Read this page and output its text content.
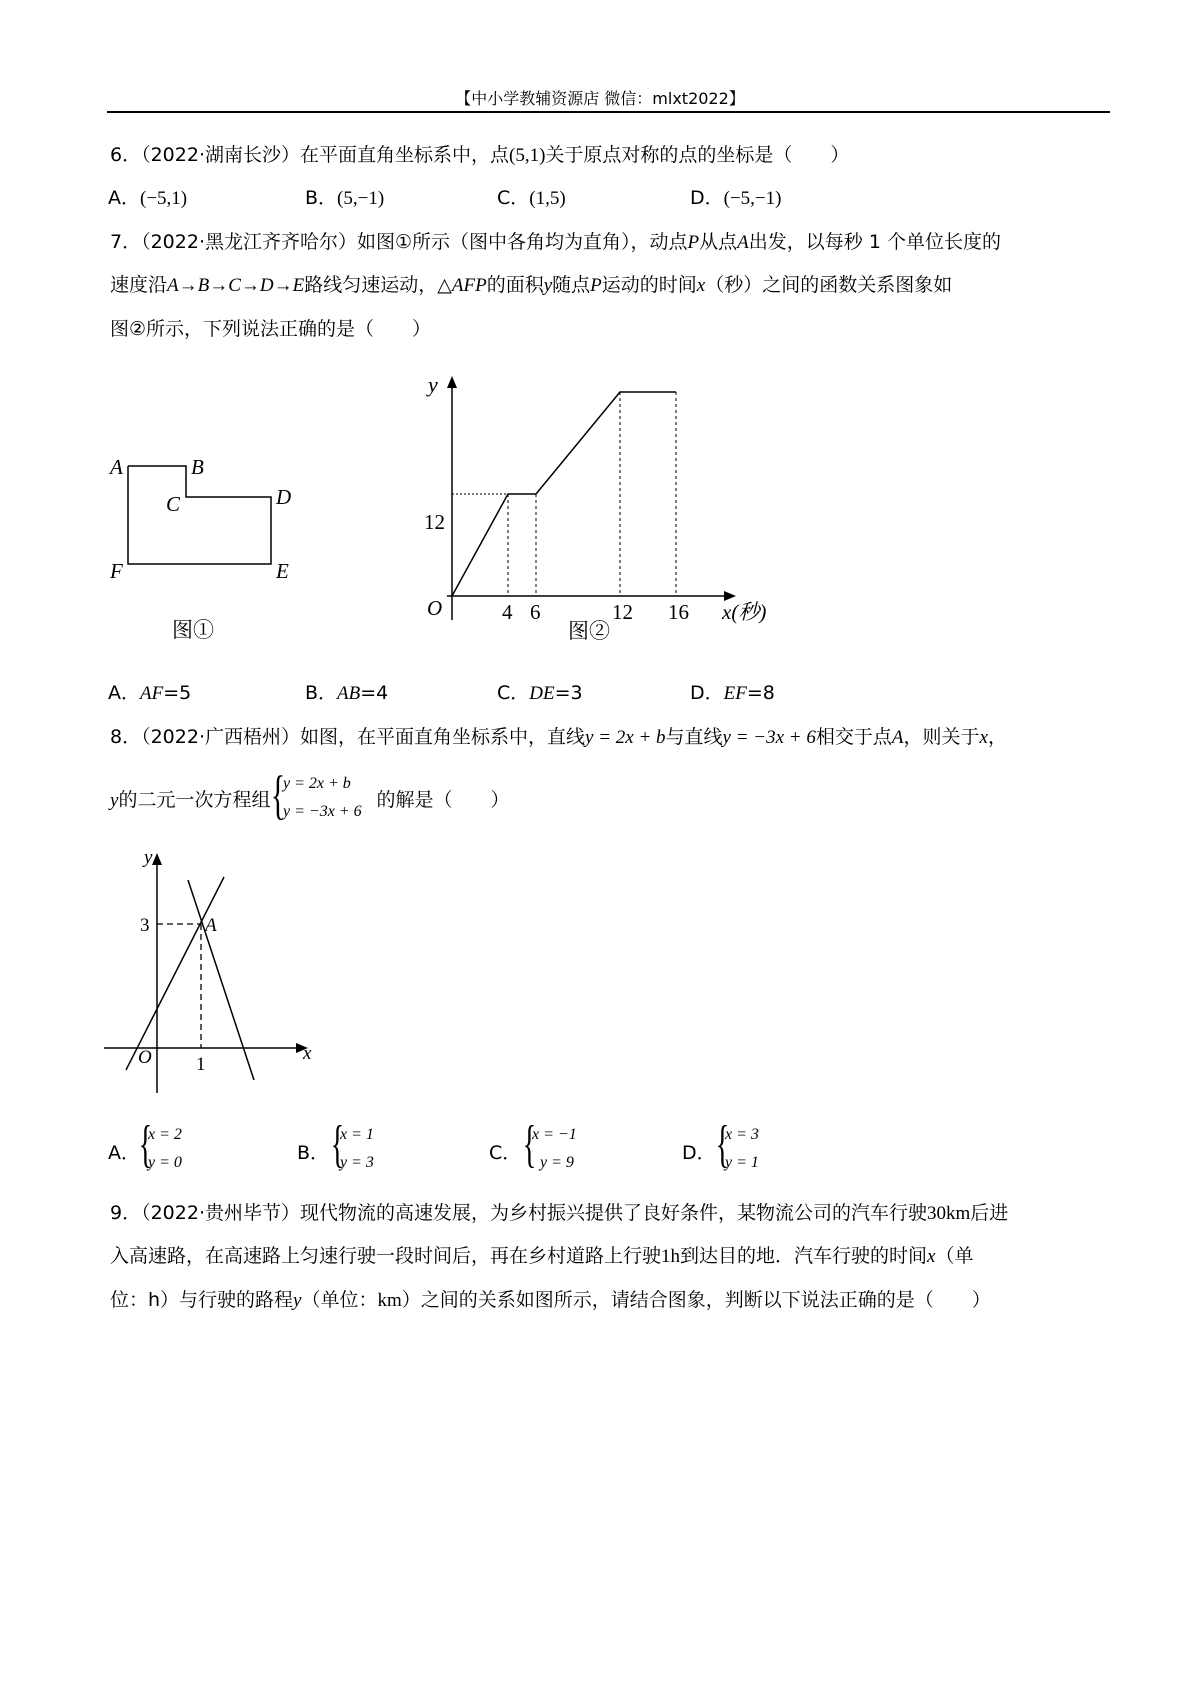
【中小学教辅资源店 微信：mlxt2022】
6．（2022·湖南长沙）在平面直角坐标系中，点(5,1)关于原点对称的点的坐标是（　　）
A．(−5,1)	B．(5,−1)	C．(1,5)	D．(−5,−1)
7．（2022·黑龙江齐齐哈尔）如图①所示（图中各角均为直角），动点P从点A出发，以每秒 1 个单位长度的
速度沿A→B→C→D→E路线匀速运动，△AFP的面积y随点P运动的时间x（秒）之间的函数关系图象如
图②所示，下列说法正确的是（　　）
A	B
C	D
E
F
图①
y
12
O	4 6	12 16 x(秒)
图②
A．AF=5	B．AB=4	C．DE=3	D．EF=8
8．（2022·广西梧州）如图，在平面直角坐标系中，直线y = 2x + b与直线y = −3x + 6相交于点A，则关于x，
y的二元一次方程组	的解是（　　）
{
y = 2x + b
y = −3x + 6
y
x
O
3
1
A
A．
{
x = 2
y = 0	B． {
x = 1
y = 3	C． {
x = −1
y = 9	D． {
x = 3
y = 1
9．（2022·贵州毕节）现代物流的高速发展，为乡村振兴提供了良好条件，某物流公司的汽车行驶30km后进
入高速路，在高速路上匀速行驶一段时间后，再在乡村道路上行驶1h到达目的地．汽车行驶的时间x（单
位：h）与行驶的路程y（单位：km）之间的关系如图所示，请结合图象，判断以下说法正确的是（　　）
